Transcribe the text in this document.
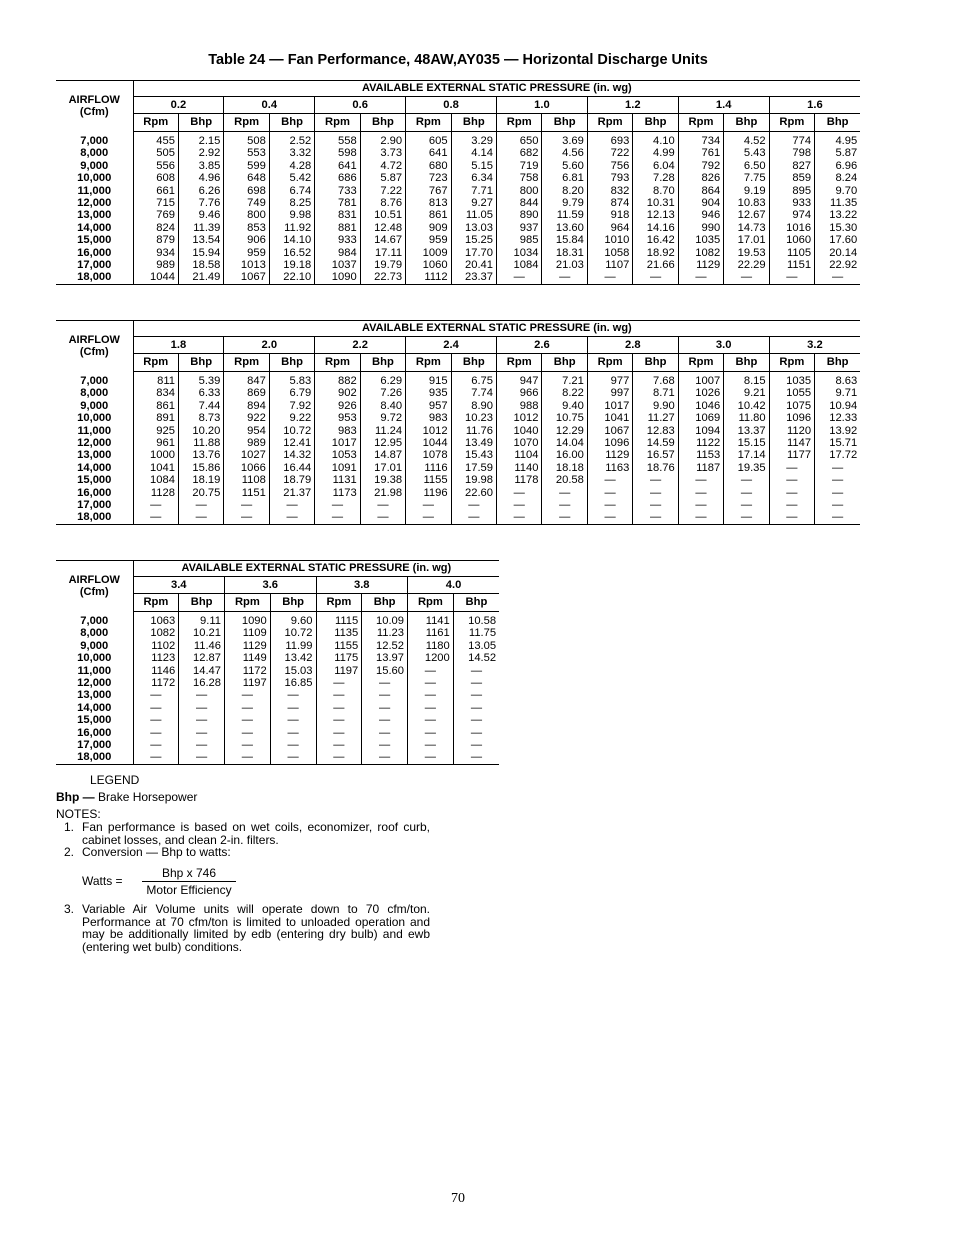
Table 24 — Fan Performance, 48AW,AY035 — Horizontal Discharge Units
AIRFLOW
(Cfm)	AVAILABLE EXTERNAL STATIC PRESSURE (in. wg)															
	0.2		0.4		0.6		0.8		1.0		1.2		1.4		1.6	
	Rpm	Bhp	Rpm	Bhp	Rpm	Bhp	Rpm	Bhp	Rpm	Bhp	Rpm	Bhp	Rpm	Bhp	Rpm	Bhp
7,000	455	2.15	508	2.52	558	2.90	605	3.29	650	3.69	693	4.10	734	4.52	774	4.95
8,000	505	2.92	553	3.32	598	3.73	641	4.14	682	4.56	722	4.99	761	5.43	798	5.87
9,000	556	3.85	599	4.28	641	4.72	680	5.15	719	5.60	756	6.04	792	6.50	827	6.96
10,000	608	4.96	648	5.42	686	5.87	723	6.34	758	6.81	793	7.28	826	7.75	859	8.24
11,000	661	6.26	698	6.74	733	7.22	767	7.71	800	8.20	832	8.70	864	9.19	895	9.70
12,000	715	7.76	749	8.25	781	8.76	813	9.27	844	9.79	874	10.31	904	10.83	933	11.35
13,000	769	9.46	800	9.98	831	10.51	861	11.05	890	11.59	918	12.13	946	12.67	974	13.22
14,000	824	11.39	853	11.92	881	12.48	909	13.03	937	13.60	964	14.16	990	14.73	1016	15.30
15,000	879	13.54	906	14.10	933	14.67	959	15.25	985	15.84	1010	16.42	1035	17.01	1060	17.60
16,000	934	15.94	959	16.52	984	17.11	1009	17.70	1034	18.31	1058	18.92	1082	19.53	1105	20.14
17,000	989	18.58	1013	19.18	1037	19.79	1060	20.41	1084	21.03	1107	21.66	1129	22.29	1151	22.92
18,000	1044	21.49	1067	22.10	1090	22.73	1112	23.37	—	—	—	—	—	—	—	—
AIRFLOW
(Cfm)	AVAILABLE EXTERNAL STATIC PRESSURE (in. wg)															
	1.8		2.0		2.2		2.4		2.6		2.8		3.0		3.2	
	Rpm	Bhp	Rpm	Bhp	Rpm	Bhp	Rpm	Bhp	Rpm	Bhp	Rpm	Bhp	Rpm	Bhp	Rpm	Bhp
7,000	811	5.39	847	5.83	882	6.29	915	6.75	947	7.21	977	7.68	1007	8.15	1035	8.63
8,000	834	6.33	869	6.79	902	7.26	935	7.74	966	8.22	997	8.71	1026	9.21	1055	9.71
9,000	861	7.44	894	7.92	926	8.40	957	8.90	988	9.40	1017	9.90	1046	10.42	1075	10.94
10,000	891	8.73	922	9.22	953	9.72	983	10.23	1012	10.75	1041	11.27	1069	11.80	1096	12.33
11,000	925	10.20	954	10.72	983	11.24	1012	11.76	1040	12.29	1067	12.83	1094	13.37	1120	13.92
12,000	961	11.88	989	12.41	1017	12.95	1044	13.49	1070	14.04	1096	14.59	1122	15.15	1147	15.71
13,000	1000	13.76	1027	14.32	1053	14.87	1078	15.43	1104	16.00	1129	16.57	1153	17.14	1177	17.72
14,000	1041	15.86	1066	16.44	1091	17.01	1116	17.59	1140	18.18	1163	18.76	1187	19.35	—	—
15,000	1084	18.19	1108	18.79	1131	19.38	1155	19.98	1178	20.58	—	—	—	—	—	—
16,000	1128	20.75	1151	21.37	1173	21.98	1196	22.60	—	—	—	—	—	—	—	—
17,000	—	—	—	—	—	—	—	—	—	—	—	—	—	—	—	—
18,000	—	—	—	—	—	—	—	—	—	—	—	—	—	—	—	—
AIRFLOW
(Cfm)	AVAILABLE EXTERNAL STATIC PRESSURE (in. wg)							
	3.4		3.6		3.8		4.0	
	Rpm	Bhp	Rpm	Bhp	Rpm	Bhp	Rpm	Bhp
7,000	1063	9.11	1090	9.60	1115	10.09	1141	10.58
8,000	1082	10.21	1109	10.72	1135	11.23	1161	11.75
9,000	1102	11.46	1129	11.99	1155	12.52	1180	13.05
10,000	1123	12.87	1149	13.42	1175	13.97	1200	14.52
11,000	1146	14.47	1172	15.03	1197	15.60	—	—
12,000	1172	16.28	1197	16.85	—	—	—	—
13,000	—	—	—	—	—	—	—	—
14,000	—	—	—	—	—	—	—	—
15,000	—	—	—	—	—	—	—	—
16,000	—	—	—	—	—	—	—	—
17,000	—	—	—	—	—	—	—	—
18,000	—	—	—	—	—	—	—	—
LEGEND
Bhp — Brake Horsepower
NOTES:
1. Fan performance is based on wet coils, economizer, roof curb, cabinet losses, and clean 2-in. filters.
2. Conversion — Bhp to watts:
Watts =
Bhp x 746
Motor Efficiency
3. Variable Air Volume units will operate down to 70 cfm/ton. Performance at 70 cfm/ton is limited to unloaded operation and may be additionally limited by edb (entering dry bulb) and ewb (entering wet bulb) conditions.
70
